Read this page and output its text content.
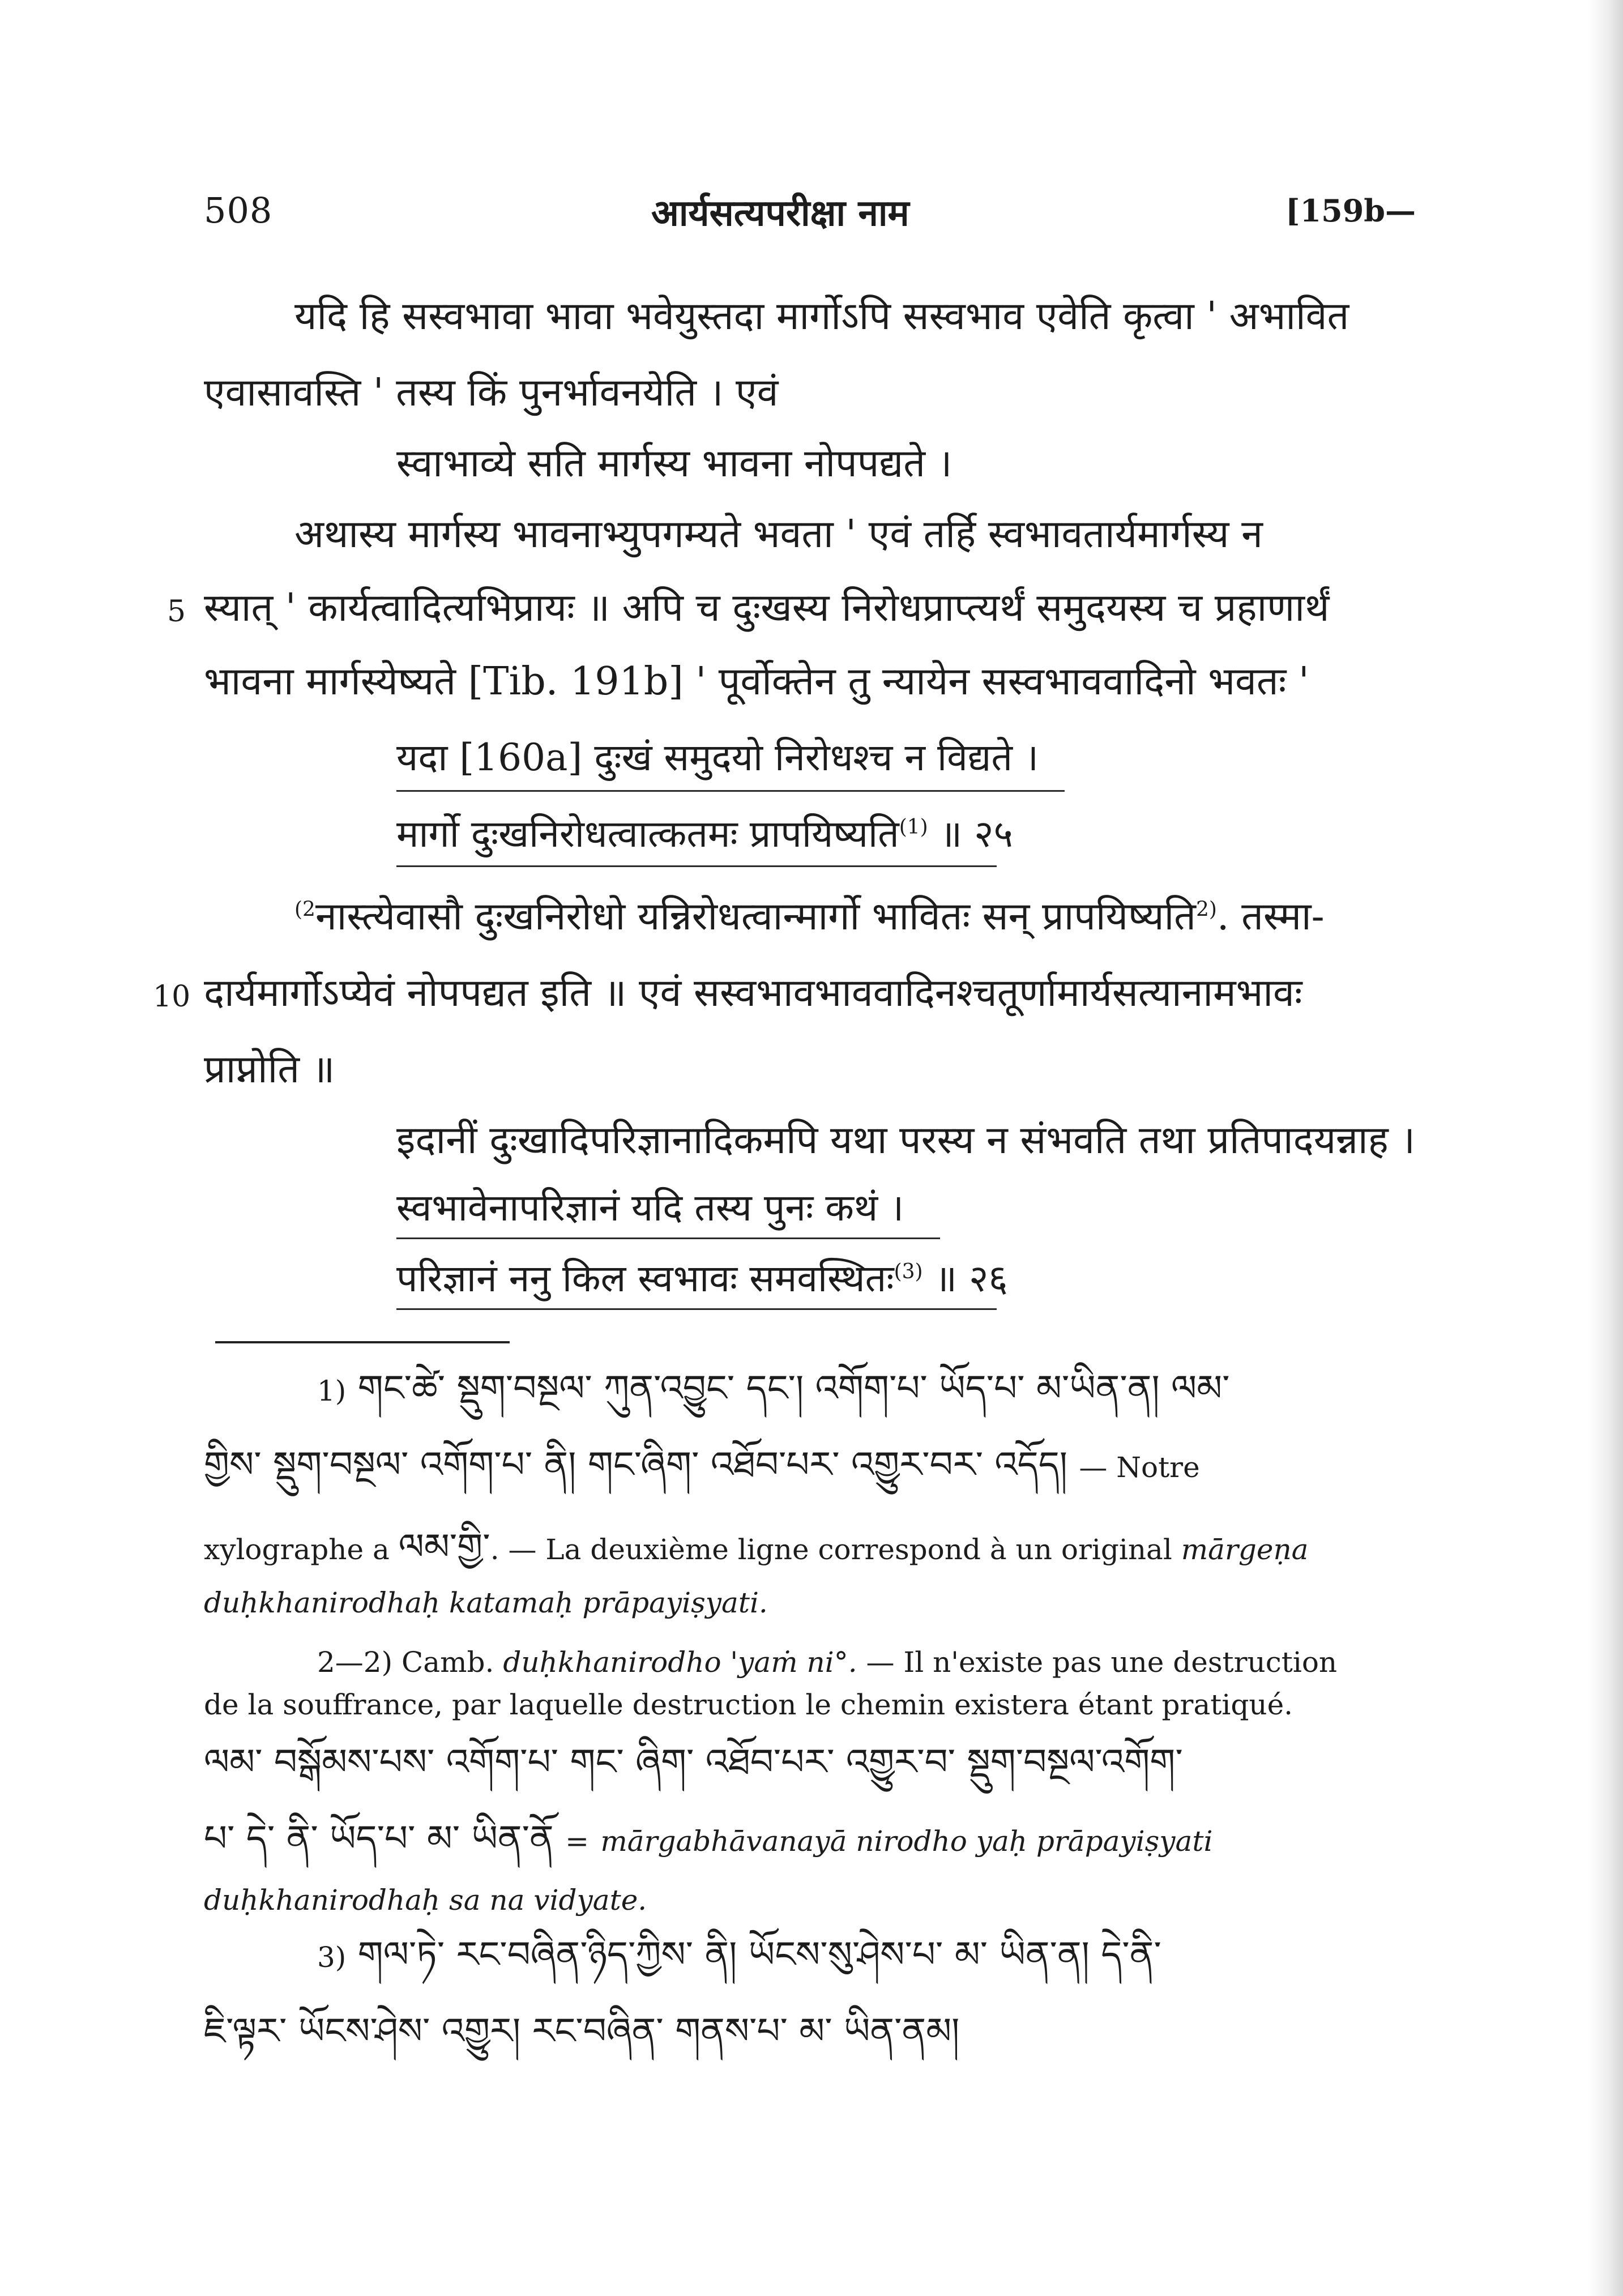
508	आर्यसत्यपरीक्षा नाम	[159b—
यदि हि सस्वभावा भावा भवेयुस्तदा मार्गोऽपि सस्वभाव एवेति कृत्वा ' अभावित
एवासावस्ति ' तस्य किं पुनर्भावनयेति । एवं
स्वाभाव्ये सति मार्गस्य भावना नोपपद्यते ।
अथास्य मार्गस्य भावनाभ्युपगम्यते भवता ' एवं तर्हि स्वभावतार्यमार्गस्य न
5 स्यात् ' कार्यत्वादित्यभिप्रायः ॥ अपि च दुःखस्य निरोधप्राप्त्यर्थं समुदयस्य च प्रहाणार्थं
भावना मार्गस्येष्यते [Tib. 191b] ' पूर्वोक्तेन तु न्यायेन सस्वभाववादिनो भवतः '
यदा [160a] दुःखं समुदयो निरोधश्च न विद्यते ।
मार्गो दुःखनिरोधत्वात्कतमः प्रापयिष्यति$^{(1)}$ ॥ २५
$^{(2}$नास्त्येवासौ दुःखनिरोधो यन्निरोधत्वान्मार्गो भावितः सन् प्रापयिष्यति$^{2)}$. तस्मा-
10 दार्यमार्गोऽप्येवं नोपपद्यत इति ॥ एवं सस्वभावभाववादिनश्चतूर्णामार्यसत्यानामभावः
प्राप्नोति ॥
इदानीं दुःखादिपरिज्ञानादिकमपि यथा परस्य न संभवति तथा प्रतिपादयन्नाह ।
स्वभावेनापरिज्ञानं यदि तस्य पुनः कथं ।
परिज्ञानं ननु किल स्वभावः समवस्थितः$^{(3)}$ ॥ २६
1) གང་ཚེ་ སྡུག་བསྔལ་ ཀུན་འབྱུང་ དང་། འགོག་པ་ ཡོད་པ་ མ་ཡིན་ན། ལམ་
གྱིས་ སྡུག་བསྔལ་ འགོག་པ་ ནི། གང་ཞིག་ འཐོབ་པར་ འགྱུར་བར་ འདོད། — Notre
xylographe a ལམ་གྱི་. — La deuxième ligne correspond à un original mārgeṇa
duḥkhanirodhaḥ katamaḥ prāpayiṣyati.
2—2) Camb. duḥkhanirodho 'yaṁ ni°. — Il n'existe pas une destruction
de la souffrance, par laquelle destruction le chemin existera étant pratiqué.
ལམ་ བསྒོམས་པས་ འགོག་པ་ གང་ ཞིག་ འཐོབ་པར་ འགྱུར་བ་ སྡུག་བསྔལ་འགོག་
པ་ དེ་ ནི་ ཡོད་པ་ མ་ ཡིན་ནོ = mārgabhāvanayā nirodho yaḥ prāpayiṣyati
duḥkhanirodhaḥ sa na vidyate.
3) གལ་ཏེ་ རང་བཞིན་ཉིད་ཀྱིས་ ནི། ཡོངས་སུ་ཤེས་པ་ མ་ ཡིན་ན། དེ་ནི་
ཇི་ལྟར་ ཡོངས་ཤེས་ འགྱུར། རང་བཞིན་ གནས་པ་ མ་ ཡིན་ནམ།
